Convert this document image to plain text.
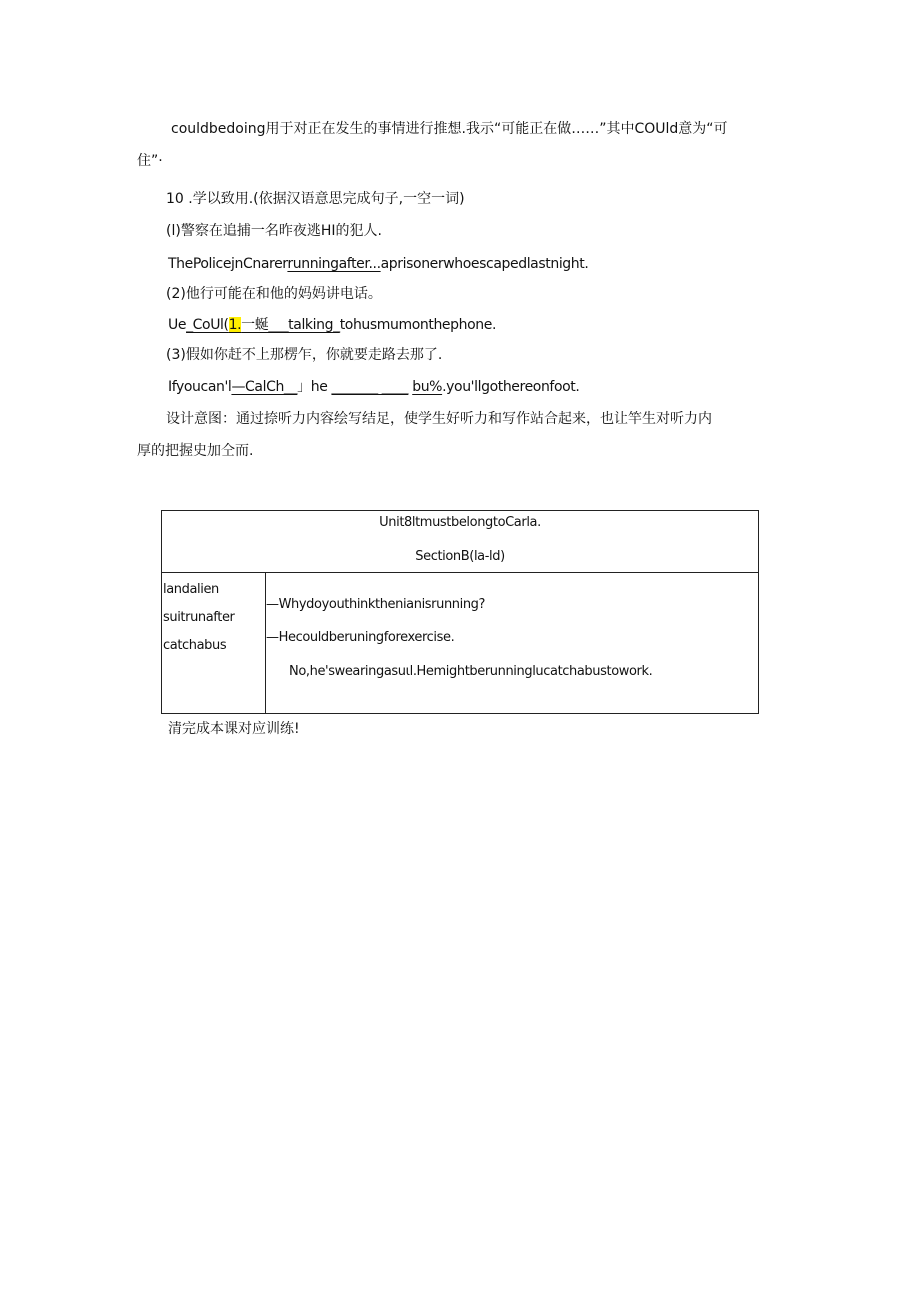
couldbedoing用于对正在发生的事情进行推想.我示“可能正在做……”其中COUld意为“可
住”·
10 .学以致用.(依据汉语意思完成句子,一空一词)
(l)警察在追捕一名昨夜逃HI的犯人.
ThePolicejnCnarerrunningafter...aprisonerwhoescapedlastnight.
(2)他行可能在和他的妈妈讲电话。
Ue_CoUl(1.一蜒___talking_tohusmumonthephone.
(3)假如你赶不上那楞乍，你就要走路去那了.
Ifyoucan'l—CalCh__」he _______ ____ bu%.you'llgothereonfoot.
设计意图：通过捺听力内容绘写结足，使学生好听力和写作站合起来，也让竿生对听力内
厚的把握史加仝而.
Unit8ltmustbelongtoCarla.
SectionB(la-ld)
landalien
suitrunafter
catchabus
—Whydoyouthinkthenianisrunning?
—Hecouldberuningforexercise.
No,he'swearingasuιl.Hemightberunninglucatchabustowork.
清完成本课对应训练!
